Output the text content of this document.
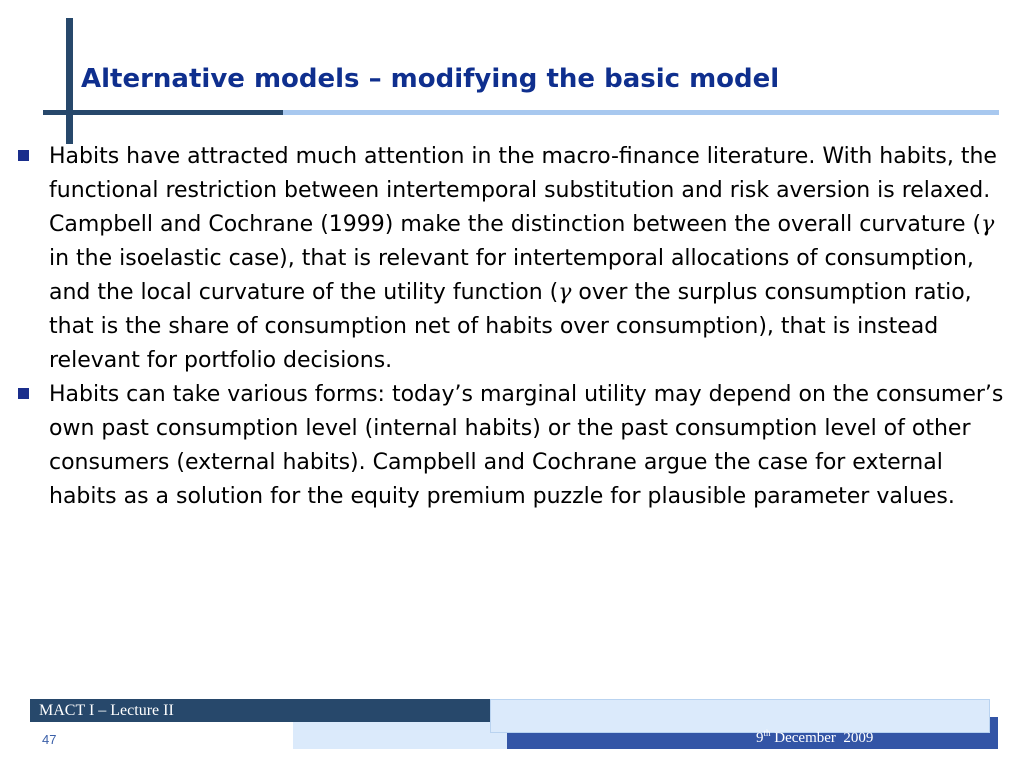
Alternative models – modifying the basic model
Habits have attracted much attention in the macro-finance literature. With habits, the functional restriction between intertemporal substitution and risk aversion is relaxed. Campbell and Cochrane (1999) make the distinction between the overall curvature (γ in the isoelastic case), that is relevant for intertemporal allocations of consumption, and the local curvature of the utility function (γ over the surplus consumption ratio, that is the share of consumption net of habits over consumption), that is instead relevant for portfolio decisions.
Habits can take various forms: today’s marginal utility may depend on the consumer’s own past consumption level (internal habits) or the past consumption level of other consumers (external habits). Campbell and Cochrane argue the case for external habits as a solution for the equity premium puzzle for plausible parameter values.

MACT I – Lecture II

47	9th December  2009
